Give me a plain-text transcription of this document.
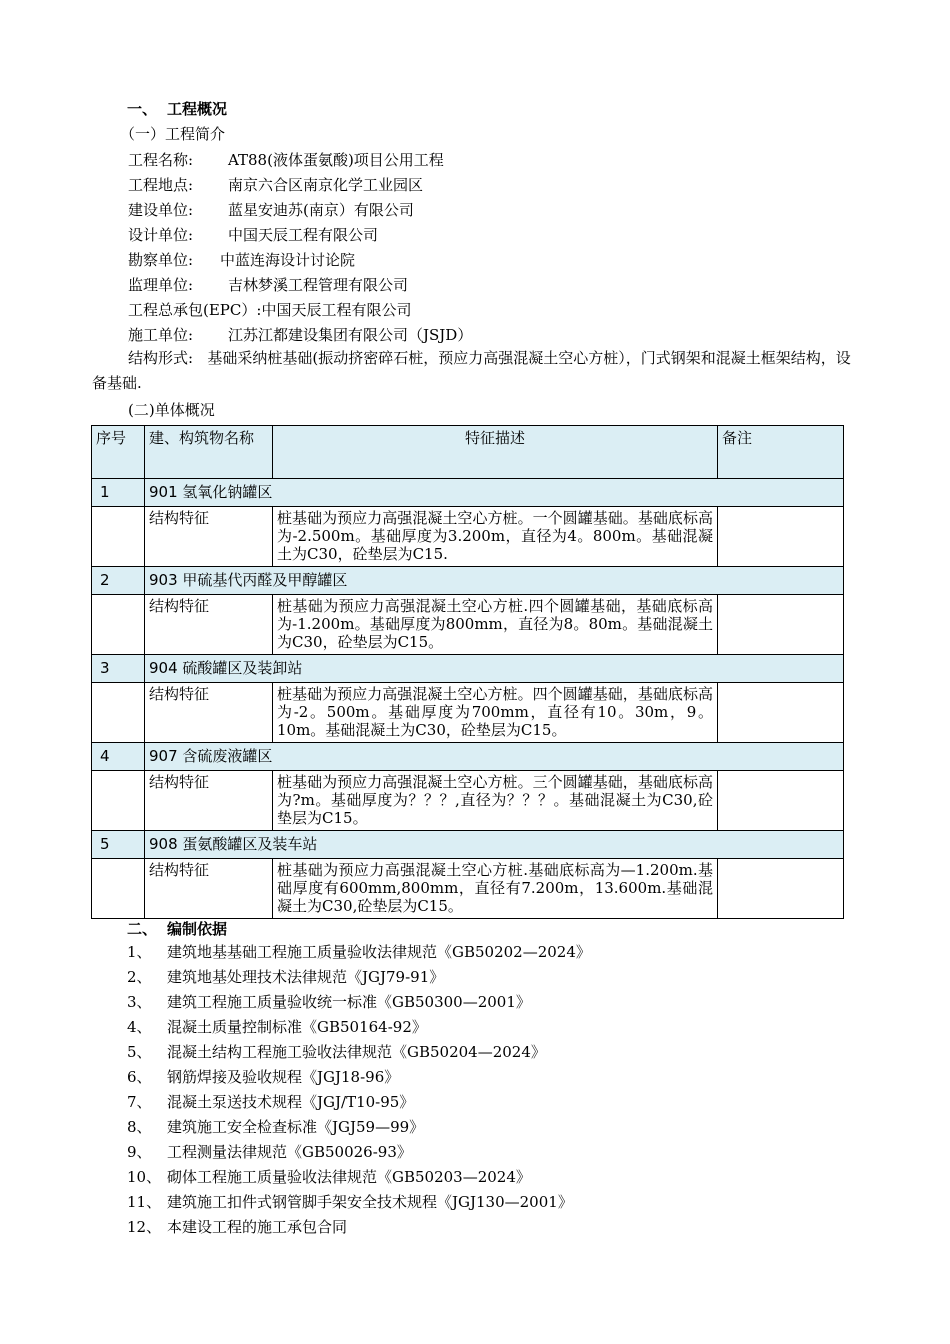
一、 工程概况
（一）工程简介
工程名称: AT88(液体蛋氨酸)项目公用工程
工程地点: 南京六合区南京化学工业园区
建设单位: 蓝星安迪苏(南京）有限公司
设计单位: 中国天辰工程有限公司
勘察单位: 中蓝连海设计讨论院
监理单位: 吉林梦溪工程管理有限公司
工程总承包(EPC）:中国天辰工程有限公司
施工单位: 江苏江都建设集团有限公司（JSJD）
结构形式: 基础采纳桩基础(振动挤密碎石桩，预应力高强混凝土空心方桩），门式钢架和混凝土框架结构，设备基础.
(二)单体概况
序号	建、构筑物名称	特征描述	备注
1	901 氢氧化钠罐区		
	结构特征	桩基础为预应力高强混凝土空心方桩。一个圆罐基础。基础底标高为-2.500m。基础厚度为3.200m，直径为4。800m。基础混凝土为C30，砼垫层为C15.	
2	903 甲硫基代丙醛及甲醇罐区		
	结构特征	桩基础为预应力高强混凝土空心方桩.四个圆罐基础，基础底标高为-1.200m。基础厚度为800mm，直径为8。80m。基础混凝土为C30，砼垫层为C15。	
3	904 硫酸罐区及装卸站		
	结构特征	桩基础为预应力高强混凝土空心方桩。四个圆罐基础，基础底标高为-2。500m。基础厚度为700mm，直径有10。30m，9。10m。基础混凝土为C30，砼垫层为C15。	
4	907 含硫废液罐区		
	结构特征	桩基础为预应力高强混凝土空心方桩。三个圆罐基础，基础底标高为?m。基础厚度为？？？,直径为？？？。基础混凝土为C30,砼垫层为C15。	
5	908 蛋氨酸罐区及装车站		
	结构特征	桩基础为预应力高强混凝土空心方桩.基础底标高为—1.200m.基础厚度有600mm,800mm，直径有7.200m，13.600m.基础混凝土为C30,砼垫层为C15。	
二、 编制依据
1、 建筑地基基础工程施工质量验收法律规范《GB50202—2024》
2、 建筑地基处理技术法律规范《JGJ79-91》
3、 建筑工程施工质量验收统一标准《GB50300—2001》
4、 混凝土质量控制标准《GB50164-92》
5、 混凝土结构工程施工验收法律规范《GB50204—2024》
6、 钢筋焊接及验收规程《JGJ18-96》
7、 混凝土泵送技术规程《JGJ/T10-95》
8、 建筑施工安全检查标准《JGJ59—99》
9、 工程测量法律规范《GB50026-93》
10、 砌体工程施工质量验收法律规范《GB50203—2024》
11、 建筑施工扣件式钢管脚手架安全技术规程《JGJ130—2001》
12、 本建设工程的施工承包合同
